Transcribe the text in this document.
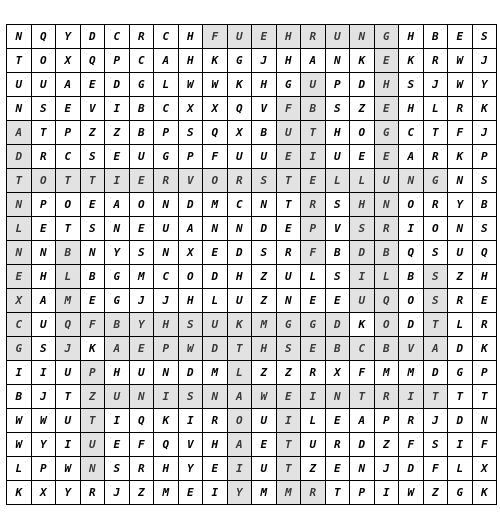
N	Q	Y	D	C	R	C	H	F	U	E	H	R	U	N	G	H	B	E	S
T	O	X	Q	P	C	A	H	K	G	J	H	A	N	K	E	K	R	W	J
U	U	A	E	D	G	L	W	W	K	H	G	U	P	D	H	S	J	W	Y
N	S	E	V	I	B	C	X	X	Q	V	F	B	S	Z	E	H	L	R	K
A	T	P	Z	Z	B	P	S	Q	X	B	U	T	H	O	G	C	T	F	J
D	R	C	S	E	U	G	P	F	U	U	E	I	U	E	E	A	R	K	P
T	O	T	T	I	E	R	V	O	R	S	T	E	L	L	U	N	G	N	S
N	P	O	E	A	O	N	D	M	C	N	T	R	S	H	N	O	R	Y	B
L	E	T	S	N	E	U	A	N	N	D	E	P	V	S	R	I	O	N	S
N	N	B	N	Y	S	N	X	E	D	S	R	F	B	D	B	Q	S	U	Q
E	H	L	B	G	M	C	O	D	H	Z	U	L	S	I	L	B	S	Z	H
X	A	M	E	G	J	J	H	L	U	Z	N	E	E	U	Q	O	S	R	E
C	U	Q	F	B	Y	H	S	U	K	M	G	G	D	K	O	D	T	L	R
G	S	J	K	A	E	P	W	D	T	H	S	E	B	C	B	V	A	D	K
I	I	U	P	H	U	N	D	M	L	Z	Z	R	X	F	M	M	D	G	P
B	J	T	Z	U	N	I	S	N	A	W	E	I	N	T	R	I	T	T	T
W	W	U	T	I	Q	K	I	R	O	U	I	L	E	A	P	R	J	D	N
W	Y	I	U	E	F	Q	V	H	A	E	T	U	R	D	Z	F	S	I	F
L	P	W	N	S	R	H	Y	E	I	U	T	Z	E	N	J	D	F	L	X
K	X	Y	R	J	Z	M	E	I	Y	M	M	R	T	P	I	W	Z	G	K
